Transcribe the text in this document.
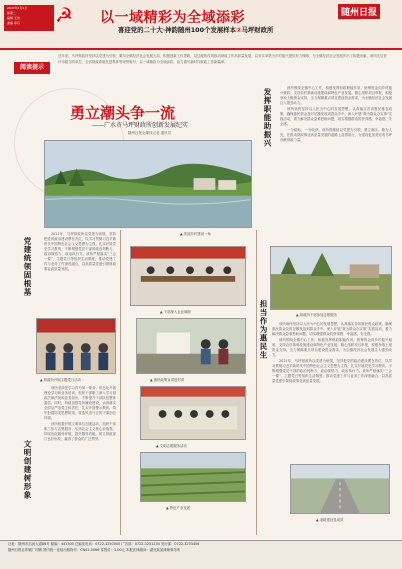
2022年1月4日
星期二
编辑 王伟
美编 李丹	☭ 以一域精彩为全域添彩
喜迎党的二十大·神韵随州100个发展样本②马坪财政所
随州日报
SUIZHOU DAILY
阅读提示
近年来，马坪财政所坚持以党建为引领，紧扣全镇经济社会发展大局，积极创新工作思路，以过硬的作风推动财政工作高质量发展，以务实举措为乡村振兴提供有力保障，为全镇经济社会发展作出了积极贡献。该所先后获评市级文明单位、全省财政系统先进集体等荣誉称号，以一域精彩为全域添彩，奋力谱写新时代财政工作新篇章。
勇立潮头争一流
——广水市马坪财政所创新发展纪实
随州日报全媒体记者 通讯员
▲ 美丽乡村建设一角
发挥职能助振兴
党建统领固根基
担当作为惠民生
文明创建树形象

该所围绕全镇中心工作，积极发挥财政职能作用，统筹资金向乡村振兴倾斜，支持农村基础设施建设和特色产业发展。精心组织项目申报，积极争取上级资金支持，全力保障重点项目建设资金需求，为全镇经济社会发展注入强劲动力。

该所始终坚持以人民为中心的发展思想，认真落实各项惠民惠农政策，确保惠民资金及时足额发放到群众手中。深入开展“我为群众办实事”实践活动，着力解决群众急难愁盼问题，切实增强群众的获得感、幸福感、安全感。

一分耕耘，一分收获。该所将继续以党建为引领，勇立潮头、敢为人先，在推动财政事业高质量发展的道路上奋勇前行，为建设更加美好的马坪贡献财政力量。

▲ 财政所干部参加志愿服务

2021年，马坪财政所以党建为统领，坚持把党的政治建设摆在首位，以学习贯彻习近平新时代中国特色社会主义思想为主线，扎实开展党史学习教育，不断增强党员干部的政治判断力、政治领悟力、政治执行力。该所严格落实“三会一课”、主题党日等组织生活制度，推动党建工作与业务工作深度融合，以高质量党建引领财政事业高质量发展。

▲ 财政所开展主题党日活动

该所坚持把学习作为第一要务，常态化开展理论学习和业务培训，组织干部职工深入学习财政法律法规和业务知识，不断提升干部队伍整体素质。同时，持续加强党风廉政建设，认真落实全面从严治党主体责任，扎实开展警示教育，筑牢拒腐防变思想防线，营造风清气正的干事创业环境。

该所积极开展文明单位创建活动，组织干部职工参与志愿服务，弘扬社会主义核心价值观。持续优化服务环境，提升服务效能，树立财政部门良好形象，赢得了群众的广泛赞誉。

▲ 干部深入企业调研
▲ 惠民政策宣讲进村湾
▲ 文明志愿服务活动
▲ 特色产业发展

该所始终坚持以人民为中心的发展思想，认真落实各项惠民惠农政策，确保惠民资金及时足额发放到群众手中。深入开展“我为群众办实事”实践活动，着力解决群众急难愁盼问题，切实增强群众的获得感、幸福感、安全感。

该所围绕全镇中心工作，积极发挥财政职能作用，统筹资金向乡村振兴倾斜，支持农村基础设施建设和特色产业发展。精心组织项目申报，积极争取上级资金支持，全力保障重点项目建设资金需求，为全镇经济社会发展注入强劲动力。

2021年，马坪财政所以党建为统领，坚持把党的政治建设摆在首位，以学习贯彻习近平新时代中国特色社会主义思想为主线，扎实开展党史学习教育，不断增强党员干部的政治判断力、政治领悟力、政治执行力。该所严格落实“三会一课”、主题党日等组织生活制度，推动党建工作与业务工作深度融合，以高质量党建引领财政事业高质量发展。

▲ 道路建设显成效
社址：随州市沿河大道88号 邮编：441300 总编室电话：0722-3250000 广告部：0722-3251234 发行部：0722-3253456
随州日报社印刷厂印刷 国内统一连续出版物号：CN42-0066 零售价：1.00元 本报法律顾问：湖北某某律师事务所
